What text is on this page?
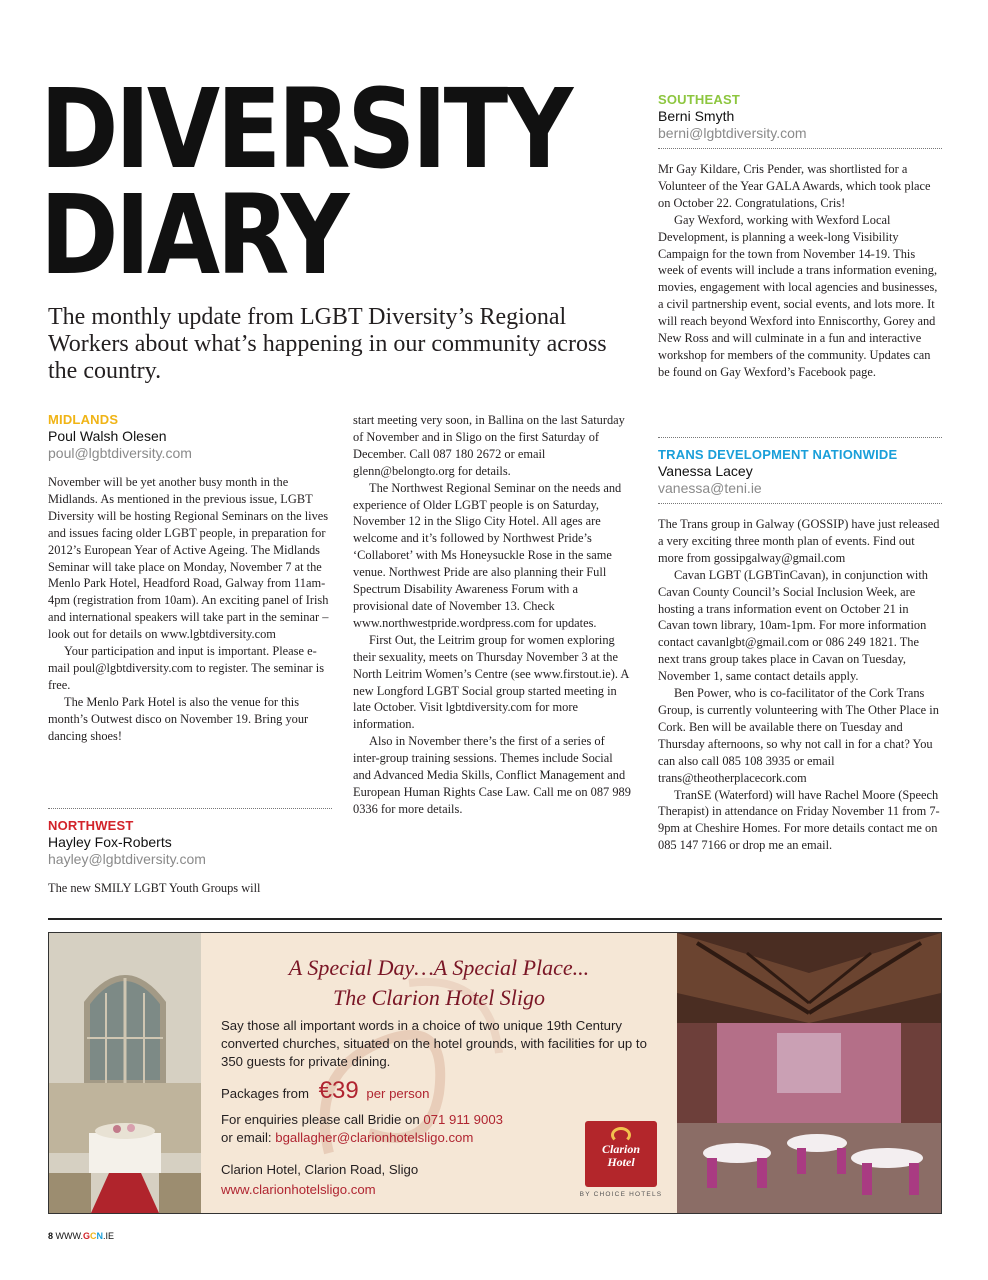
DIVERSITY
DIARY
The monthly update from LGBT Diversity’s Regional Workers about what’s happening in our community across the country.
MIDLANDS
Poul Walsh Olesen
poul@lgbtdiversity.com

November will be yet another busy month in the Midlands. As mentioned in the previous issue, LGBT Diversity will be hosting Regional Seminars on the lives and issues facing older LGBT people, in preparation for 2012’s European Year of Active Ageing. The Midlands Seminar will take place on Monday, November 7 at the Menlo Park Hotel, Headford Road, Galway from 11am-4pm (registration from 10am). An exciting panel of Irish and international speakers will take part in the seminar – look out for details on www.lgbtdiversity.com

Your participation and input is important. Please e-mail poul@lgbtdiversity.com to register. The seminar is free.

The Menlo Park Hotel is also the venue for this month’s Outwest disco on November 19. Bring your dancing shoes!

NORTHWEST
Hayley Fox-Roberts
hayley@lgbtdiversity.com

The new SMILY LGBT Youth Groups will

start meeting very soon, in Ballina on the last Saturday of November and in Sligo on the first Saturday of December. Call 087 180 2672 or email glenn@belongto.org for details.

The Northwest Regional Seminar on the needs and experience of Older LGBT people is on Saturday, November 12 in the Sligo City Hotel. All ages are welcome and it’s followed by Northwest Pride’s ‘Collaboret’ with Ms Honeysuckle Rose in the same venue. Northwest Pride are also planning their Full Spectrum Disability Awareness Forum with a provisional date of November 13. Check www.northwestpride.wordpress.com for updates.

First Out, the Leitrim group for women exploring their sexuality, meets on Thursday November 3 at the North Leitrim Women’s Centre (see www.firstout.ie). A new Longford LGBT Social group started meeting in late October. Visit lgbtdiversity.com for more information.

Also in November there’s the first of a series of inter-group training sessions. Themes include Social and Advanced Media Skills, Conflict Management and European Human Rights Case Law. Call me on 087 989 0336 for more details.

SOUTHEAST
Berni Smyth
berni@lgbtdiversity.com

Mr Gay Kildare, Cris Pender, was shortlisted for a Volunteer of the Year GALA Awards, which took place on October 22. Congratulations, Cris!

Gay Wexford, working with Wexford Local Development, is planning a week-long Visibility Campaign for the town from November 14-19. This week of events will include a trans information evening, movies, engagement with local agencies and businesses, a civil partnership event, social events, and lots more. It will reach beyond Wexford into Enniscorthy, Gorey and New Ross and will culminate in a fun and interactive workshop for members of the community. Updates can be found on Gay Wexford’s Facebook page.

TRANS DEVELOPMENT NATIONWIDE
Vanessa Lacey
vanessa@teni.ie

The Trans group in Galway (GOSSIP) have just released a very exciting three month plan of events. Find out more from gossipgalway@gmail.com

Cavan LGBT (LGBTinCavan), in conjunction with Cavan County Council’s Social Inclusion Week, are hosting a trans information event on October 21 in Cavan town library, 10am-1pm. For more information contact cavanlgbt@gmail.com or 086 249 1821. The next trans group takes place in Cavan on Tuesday, November 1, same contact details apply.

Ben Power, who is co-facilitator of the Cork Trans Group, is currently volunteering with The Other Place in Cork. Ben will be available there on Tuesday and Thursday afternoons, so why not call in for a chat? You can also call 085 108 3935 or email trans@theotherplacecork.com

TranSE (Waterford) will have Rachel Moore (Speech Therapist) in attendance on Friday November 11 from 7-9pm at Cheshire Homes. For more details contact me on 085 147 7166 or drop me an email.

A Special Day…A Special Place...
The Clarion Hotel Sligo
Say those all important words in a choice of two unique 19th Century converted churches, situated on the hotel grounds, with facilities for up to 350 guests for private dining.
Packages from €39 per person
For enquiries please call Bridie on 071 911 9003
or email: bgallagher@clarionhotelsligo.com
Clarion Hotel, Clarion Road, Sligo
www.clarionhotelsligo.com
Clarion
Hotel
BY CHOICE HOTELS
8 WWW.GCN.IE
